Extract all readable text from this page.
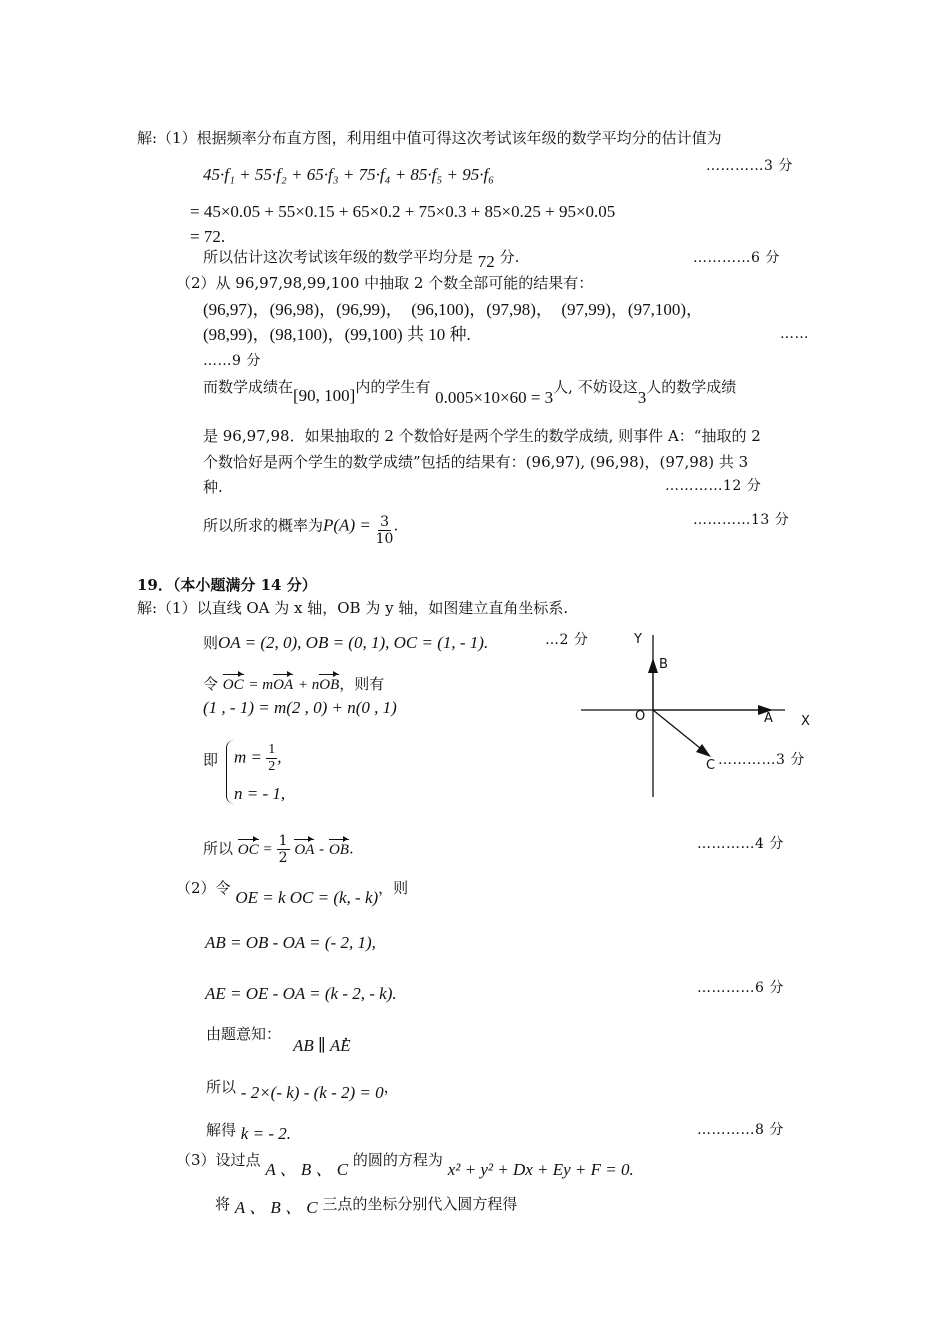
解:（1）根据频率分布直方图，利用组中值可得这次考试该年级的数学平均分的估计值为
45·f₁ + 55·f₂ + 65·f₃ + 75·f₄ + 85·f₅ + 95·f₆	…………3 分
= 45×0.05 + 55×0.15 + 65×0.2 + 75×0.3 + 85×0.25 + 95×0.05
= 72.
所以估计这次考试该年级的数学平均分是 72 分.	…………6 分
（2）从 96,97,98,99,100 中抽取 2 个数全部可能的结果有：
(96,97)，(96,98)，(96,99)，　(96,100)，(97,98)，　(97,99)，(97,100)，
(98,99)，(98,100)，(99,100) 共 10 种.	……
……9 分
而数学成绩在[90, 100]内的学生有 0.005×10×60 = 3人, 不妨设这3人的数学成绩
是 96,97,98．如果抽取的 2 个数恰好是两个学生的数学成绩, 则事件 A：“抽取的 2
个数恰好是两个学生的数学成绩”包括的结果有：(96,97), (96,98)，(97,98) 共 3
种.	…………12 分
所以所求的概率为$P(A) = \frac{3}{10}$ .	…………13 分
19．（本小题满分 14 分）
解:（1）以直线 OA 为 x 轴，OB 为 y 轴，如图建立直角坐标系.
则OA = (2, 0), OB = (0, 1), OC = (1, - 1).	…2 分
令 OC = mOA + nOB，则有
(1 , - 1) = m(2 , 0) + n(0 , 1)
即 $m = \frac{1}{2}$ ,
n = - 1,
所以 OC = $\frac{1}{2}$ OA - OB.	…………4 分
Y
B
O	A X
C …………3 分
（2）令 OE = k OC = (k, - k)，则
AB = OB - OA = (- 2, 1),
AE = OE - OA = (k - 2, - k).	…………6 分
由题意知：	，
AB ∥ AE
所以 - 2×(- k) - (k - 2) = 0，
解得 k = - 2.	…………8 分
（3）设过点 A 、 B 、 C 的圆的方程为 x² + y² + Dx + Ey + F = 0.
将 A 、 B 、 C 三点的坐标分别代入圆方程得
